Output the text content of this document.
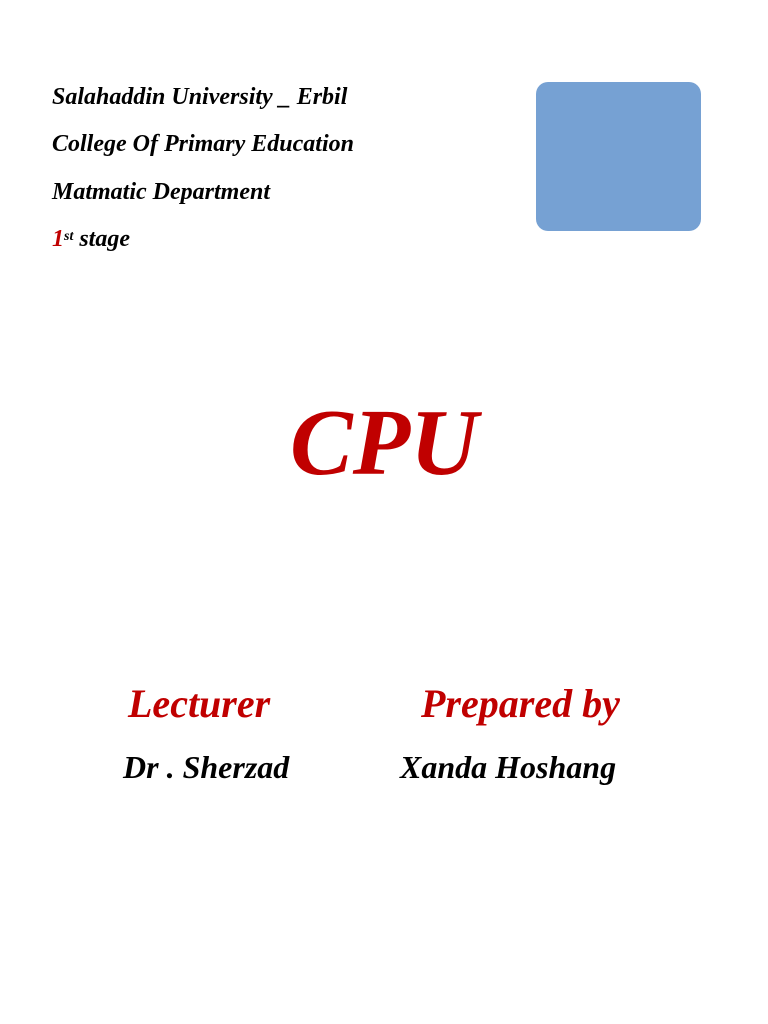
Salahaddin University _ Erbil

College Of Primary Education

Matmatic Department

1st stage

CPU
Lecturer	Prepared by

Dr . Sherzad	Xanda Hoshang
